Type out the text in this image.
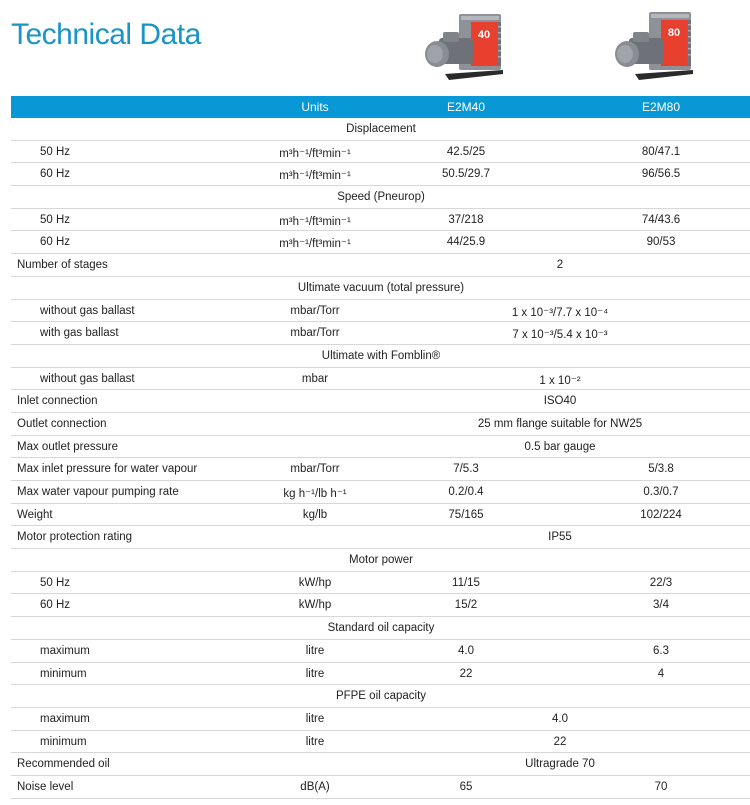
Technical Data	40	80
Units	E2M40	E2M80
Displacement
50 Hz	m³h⁻¹/ft³min⁻¹	42.5/25	80/47.1
60 Hz	m³h⁻¹/ft³min⁻¹	50.5/29.7	96/56.5
Speed (Pneurop)
50 Hz	m³h⁻¹/ft³min⁻¹	37/218	74/43.6
60 Hz	m³h⁻¹/ft³min⁻¹	44/25.9	90/53
Number of stages	2
Ultimate vacuum (total pressure)
without gas ballast	mbar/Torr	1 x 10⁻³/7.7 x 10⁻⁴
with gas ballast	mbar/Torr	7 x 10⁻³/5.4 x 10⁻³
Ultimate with Fomblin®
without gas ballast	mbar	1 x 10⁻²
Inlet connection	ISO40
Outlet connection	25 mm flange suitable for NW25
Max outlet pressure	0.5 bar gauge
Max inlet pressure for water vapour	mbar/Torr	7/5.3	5/3.8
Max water vapour pumping rate	kg h⁻¹/lb h⁻¹	0.2/0.4	0.3/0.7
Weight	kg/lb	75/165	102/224
Motor protection rating	IP55
Motor power
50 Hz	kW/hp	11/15	22/3
60 Hz	kW/hp	15/2	3/4
Standard oil capacity
maximum	litre	4.0	6.3
minimum	litre	22	4
PFPE oil capacity
maximum	litre	4.0
minimum	litre	22
Recommended oil	Ultragrade 70
Noise level	dB(A)	65	70
